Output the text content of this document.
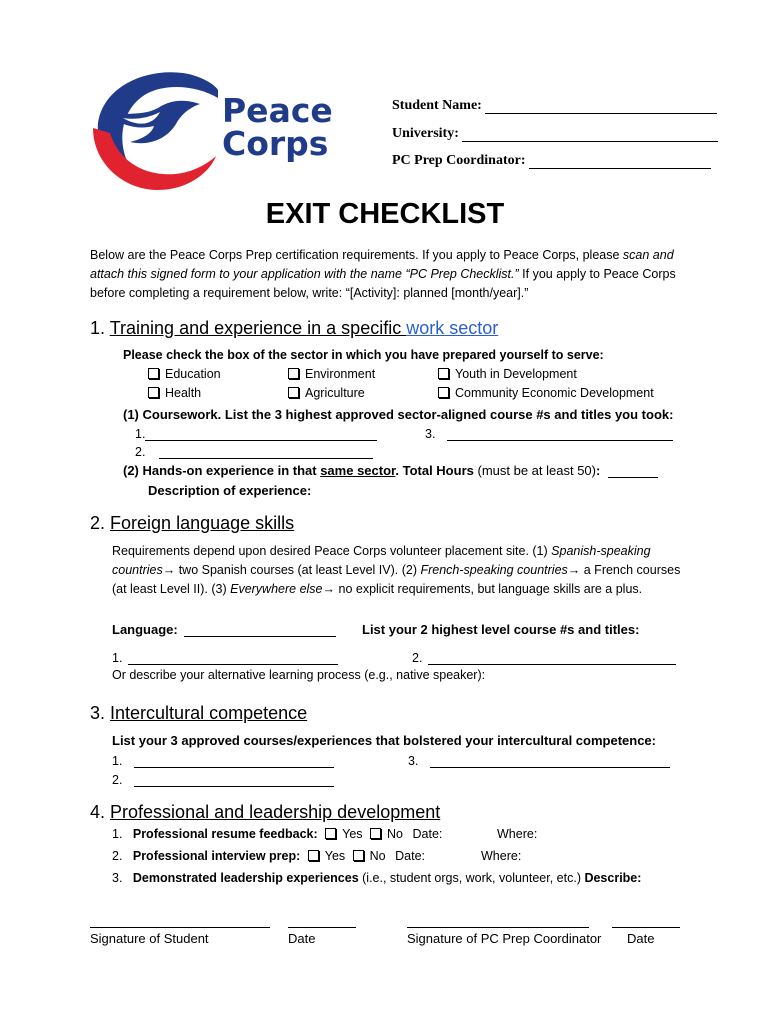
Peace
Corps
Student Name:
University:
PC Prep Coordinator:
EXIT CHECKLIST
Below are the Peace Corps Prep certification requirements. If you apply to Peace Corps, please scan and attach this signed form to your application with the name “PC Prep Checklist.” If you apply to Peace Corps before completing a requirement below, write: “[Activity]: planned [month/year].”
1. Training and experience in a specific work sector
Please check the box of the sector in which you have prepared yourself to serve:
Education	Environment	Youth in Development
Health	Agriculture	Community Economic Development
(1) Coursework. List the 3 highest approved sector-aligned course #s and titles you took:
1.	3.
2.
(2) Hands-on experience in that same sector. Total Hours (must be at least 50):
Description of experience:
2. Foreign language skills
Requirements depend upon desired Peace Corps volunteer placement site. (1) Spanish-speaking countries→ two Spanish courses (at least Level IV). (2) French-speaking countries→ a French courses (at least Level II). (3) Everywhere else→ no explicit requirements, but language skills are a plus.
Language:	List your 2 highest level course #s and titles:
1.	2.
Or describe your alternative learning process (e.g., native speaker):
3. Intercultural competence
List your 3 approved courses/experiences that bolstered your intercultural competence:
1.	3.
2.
4. Professional and leadership development
1. Professional resume feedback: Yes No Date:	Where:
2. Professional interview prep: Yes No Date:	Where:
3. Demonstrated leadership experiences (i.e., student orgs, work, volunteer, etc.) Describe:
Signature of Student	Date	Signature of PC Prep Coordinator Date
